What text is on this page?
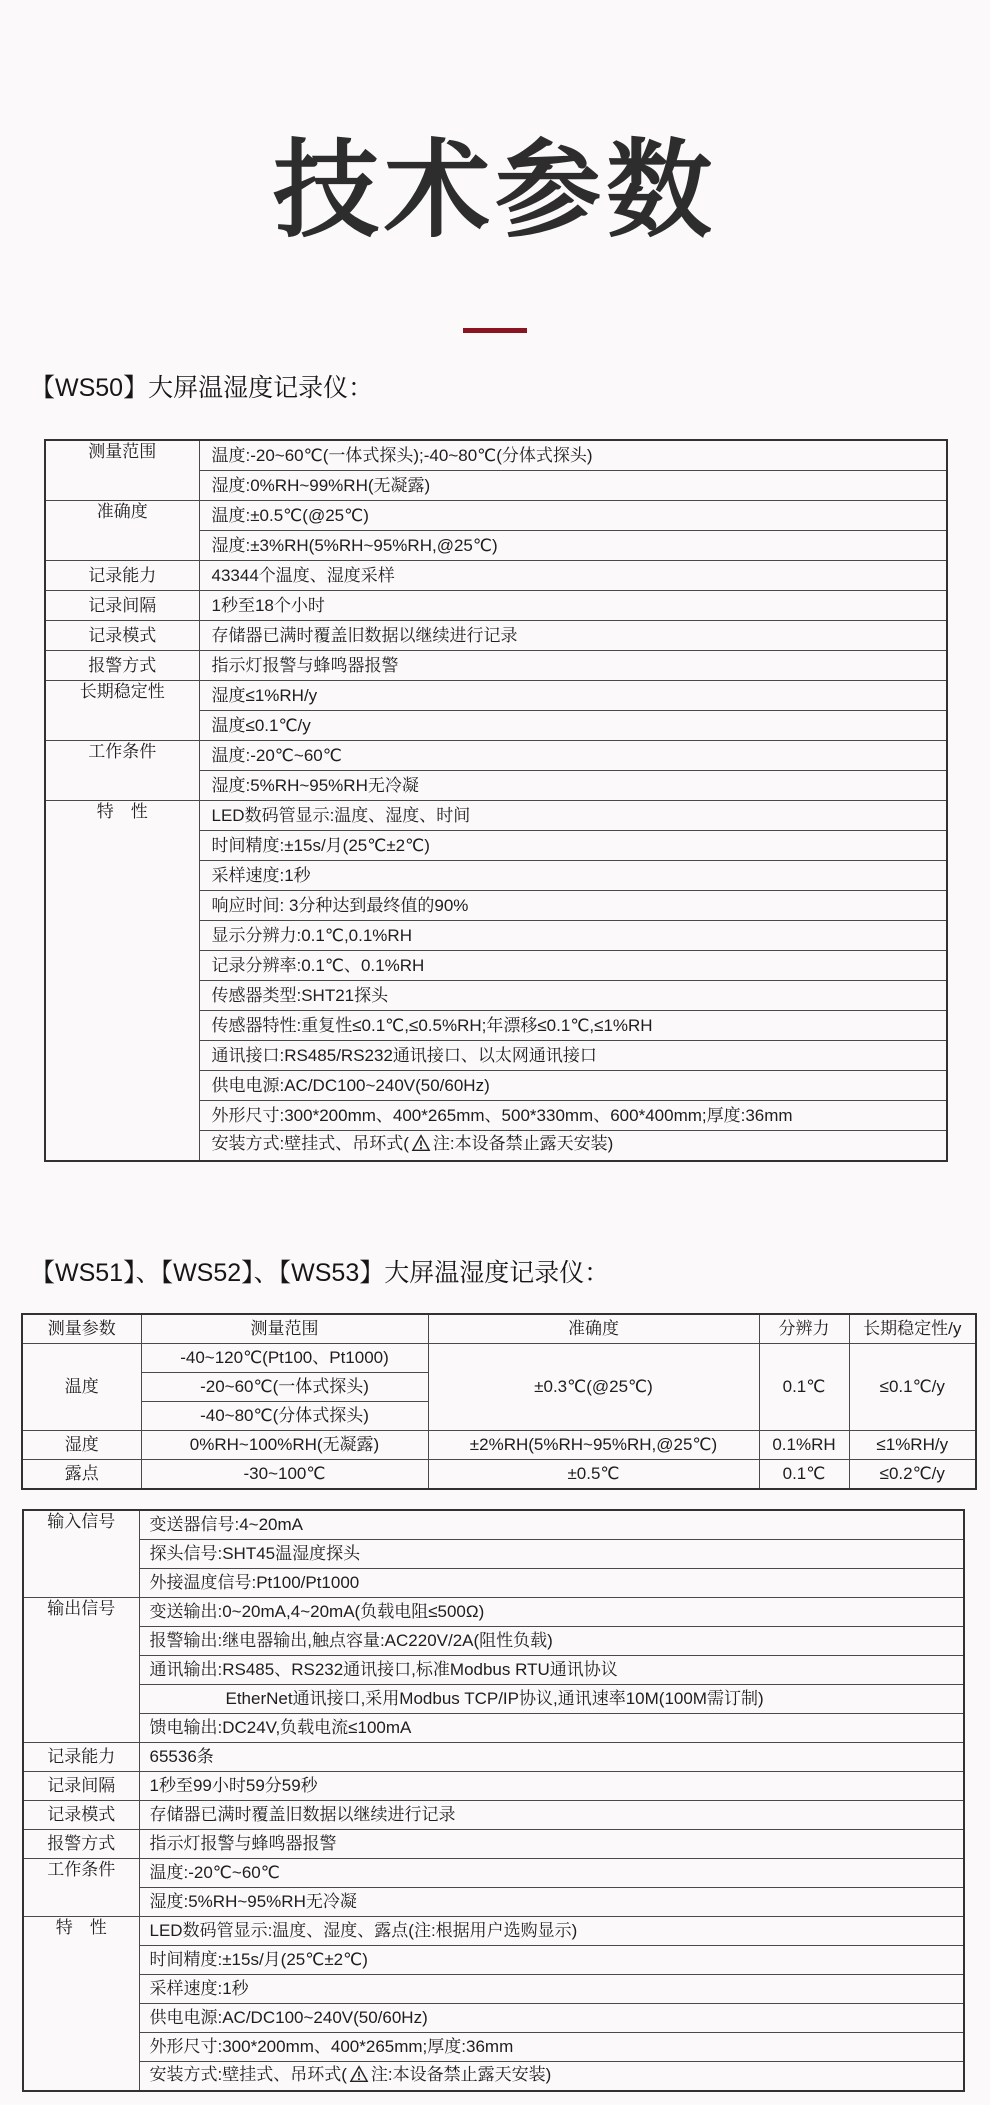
技术参数
【WS50】大屏温湿度记录仪：
测量范围	温度:-20~60℃(一体式探头);-40~80℃(分体式探头)
	湿度:0%RH~99%RH(无凝露)
准确度	温度:±0.5℃(@25℃)
	湿度:±3%RH(5%RH~95%RH,@25℃)
记录能力	43344个温度、湿度采样
记录间隔	1秒至18个小时
记录模式	存储器已满时覆盖旧数据以继续进行记录
报警方式	指示灯报警与蜂鸣器报警
长期稳定性	湿度≤1%RH/y
	温度≤0.1℃/y
工作条件	温度:-20℃~60℃
	湿度:5%RH~95%RH无冷凝
特　性	LED数码管显示:温度、湿度、时间
	时间精度:±15s/月(25℃±2℃)
	采样速度:1秒
	响应时间: 3分种达到最终值的90%
	显示分辨力:0.1℃,0.1%RH
	记录分辨率:0.1℃、0.1%RH
	传感器类型:SHT21探头
	传感器特性:重复性≤0.1℃,≤0.5%RH;年漂移≤0.1℃,≤1%RH
	通讯接口:RS485/RS232通讯接口、以太网通讯接口
	供电电源:AC/DC100~240V(50/60Hz)
	外形尺寸:300*200mm、400*265mm、500*330mm、600*400mm;厚度:36mm
	安装方式:壁挂式、吊环式( 注:本设备禁止露天安装)
【WS51】、【WS52】、【WS53】大屏温湿度记录仪：
测量参数	测量范围	准确度	分辨力	长期稳定性/y
温度	-40~120℃(Pt100、Pt1000)	±0.3℃(@25℃)	0.1℃	≤0.1℃/y
	-20~60℃(一体式探头)			
	-40~80℃(分体式探头)			
湿度	0%RH~100%RH(无凝露)	±2%RH(5%RH~95%RH,@25℃)	0.1%RH	≤1%RH/y
露点	-30~100℃	±0.5℃	0.1℃	≤0.2℃/y
输入信号	变送器信号:4~20mA
	探头信号:SHT45温湿度探头
	外接温度信号:Pt100/Pt1000
输出信号	变送输出:0~20mA,4~20mA(负载电阻≤500Ω)
	报警输出:继电器输出,触点容量:AC220V/2A(阻性负载)
	通讯输出:RS485、RS232通讯接口,标准Modbus RTU通讯协议
	EtherNet通讯接口,采用Modbus TCP/IP协议,通讯速率10M(100M需订制)
	馈电输出:DC24V,负载电流≤100mA
记录能力	65536条
记录间隔	1秒至99小时59分59秒
记录模式	存储器已满时覆盖旧数据以继续进行记录
报警方式	指示灯报警与蜂鸣器报警
工作条件	温度:-20℃~60℃
	湿度:5%RH~95%RH无冷凝
特　性	LED数码管显示:温度、湿度、露点(注:根据用户选购显示)
	时间精度:±15s/月(25℃±2℃)
	采样速度:1秒
	供电电源:AC/DC100~240V(50/60Hz)
	外形尺寸:300*200mm、400*265mm;厚度:36mm
	安装方式:壁挂式、吊环式( 注:本设备禁止露天安装)
